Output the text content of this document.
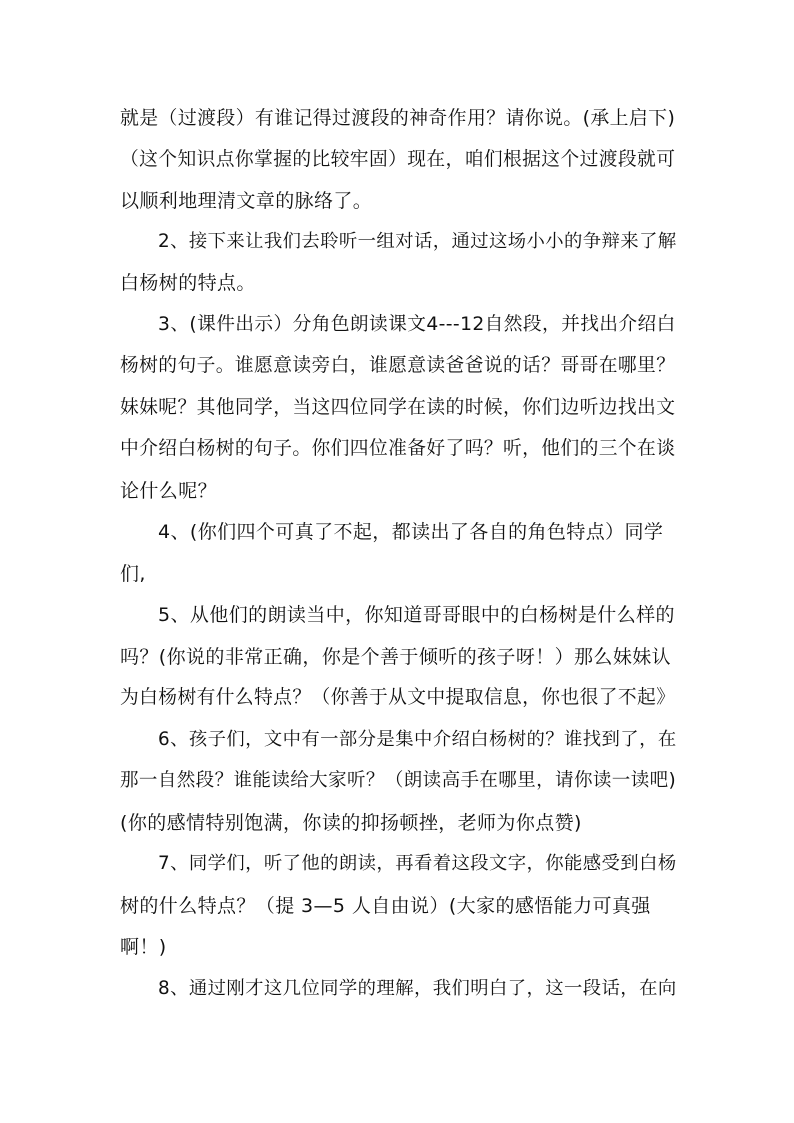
就是（过渡段）有谁记得过渡段的神奇作用？请你说。(承上启下)
（这个知识点你掌握的比较牢固）现在，咱们根据这个过渡段就可
以顺利地理清文章的脉络了。
2、接下来让我们去聆听一组对话，通过这场小小的争辩来了解
白杨树的特点。
3、(课件出示）分角色朗读课文4---12自然段，并找出介绍白
杨树的句子。谁愿意读旁白，谁愿意读爸爸说的话？哥哥在哪里？
妹妹呢？其他同学，当这四位同学在读的时候，你们边听边找出文
中介绍白杨树的句子。你们四位准备好了吗？听，他们的三个在谈
论什么呢？
4、(你们四个可真了不起，都读出了各自的角色特点）同学
们,
5、从他们的朗读当中，你知道哥哥眼中的白杨树是什么样的
吗？(你说的非常正确，你是个善于倾听的孩子呀！）那么妹妹认
为白杨树有什么特点？（你善于从文中提取信息，你也很了不起》
6、孩子们，文中有一部分是集中介绍白杨树的？谁找到了，在
那一自然段？谁能读给大家听？（朗读高手在哪里，请你读一读吧)
(你的感情特别饱满，你读的抑扬顿挫，老师为你点赞)
7、同学们，听了他的朗读，再看着这段文字，你能感受到白杨
树的什么特点？（提 3—5 人自由说）(大家的感悟能力可真强
啊！)
8、通过刚才这几位同学的理解，我们明白了，这一段话，在向
